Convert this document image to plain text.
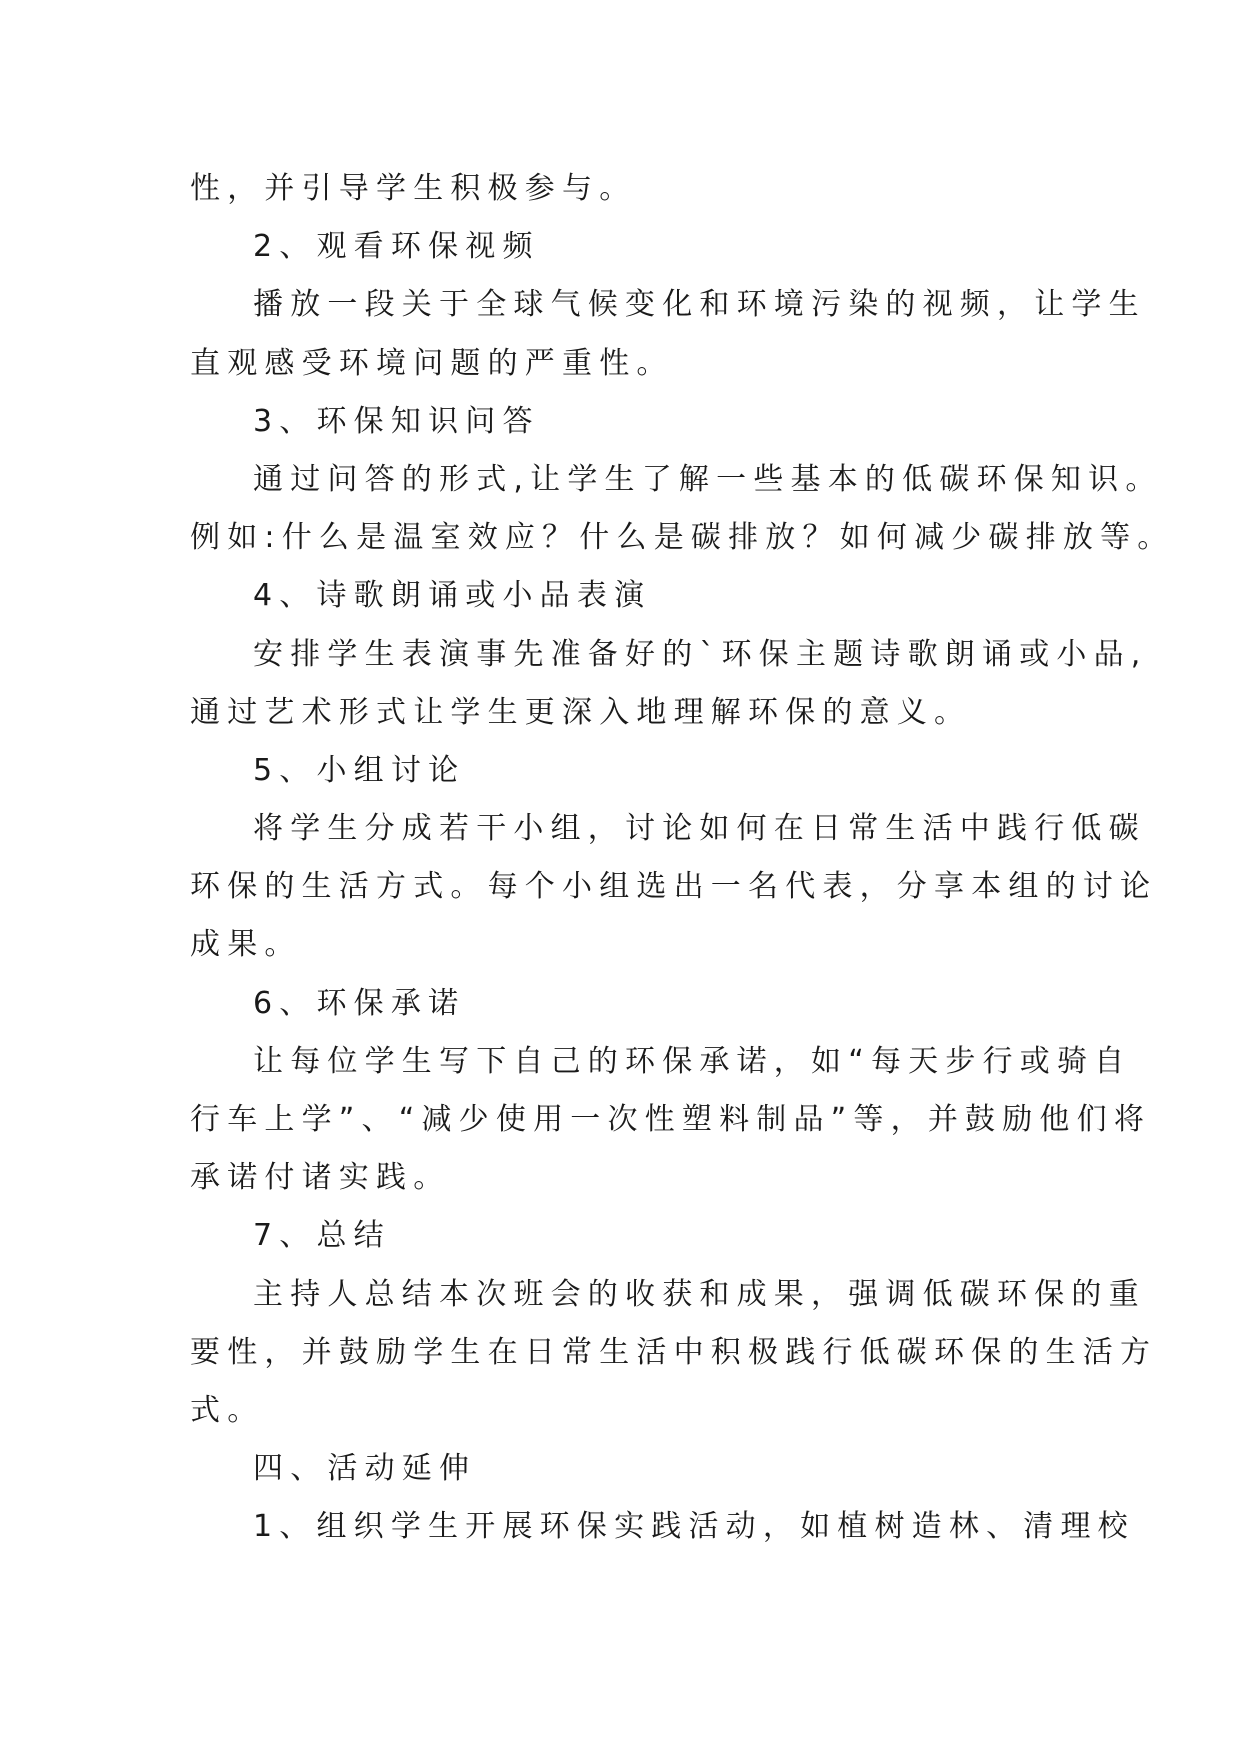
性，并引导学生积极参与。
2、观看环保视频
播放一段关于全球气候变化和环境污染的视频，让学生
直观感受环境问题的严重性。
3、环保知识问答
通过问答的形式,让学生了解一些基本的低碳环保知识。
例如:什么是温室效应？什么是碳排放？如何减少碳排放等。
4、诗歌朗诵或小品表演
安排学生表演事先准备好的`环保主题诗歌朗诵或小品,
通过艺术形式让学生更深入地理解环保的意义。
5、小组讨论
将学生分成若干小组，讨论如何在日常生活中践行低碳
环保的生活方式。每个小组选出一名代表，分享本组的讨论
成果。
6、环保承诺
让每位学生写下自己的环保承诺，如“每天步行或骑自
行车上学”、“减少使用一次性塑料制品”等，并鼓励他们将
承诺付诸实践。
7、总结
主持人总结本次班会的收获和成果，强调低碳环保的重
要性，并鼓励学生在日常生活中积极践行低碳环保的生活方
式。
四、活动延伸
1、组织学生开展环保实践活动，如植树造林、清理校
